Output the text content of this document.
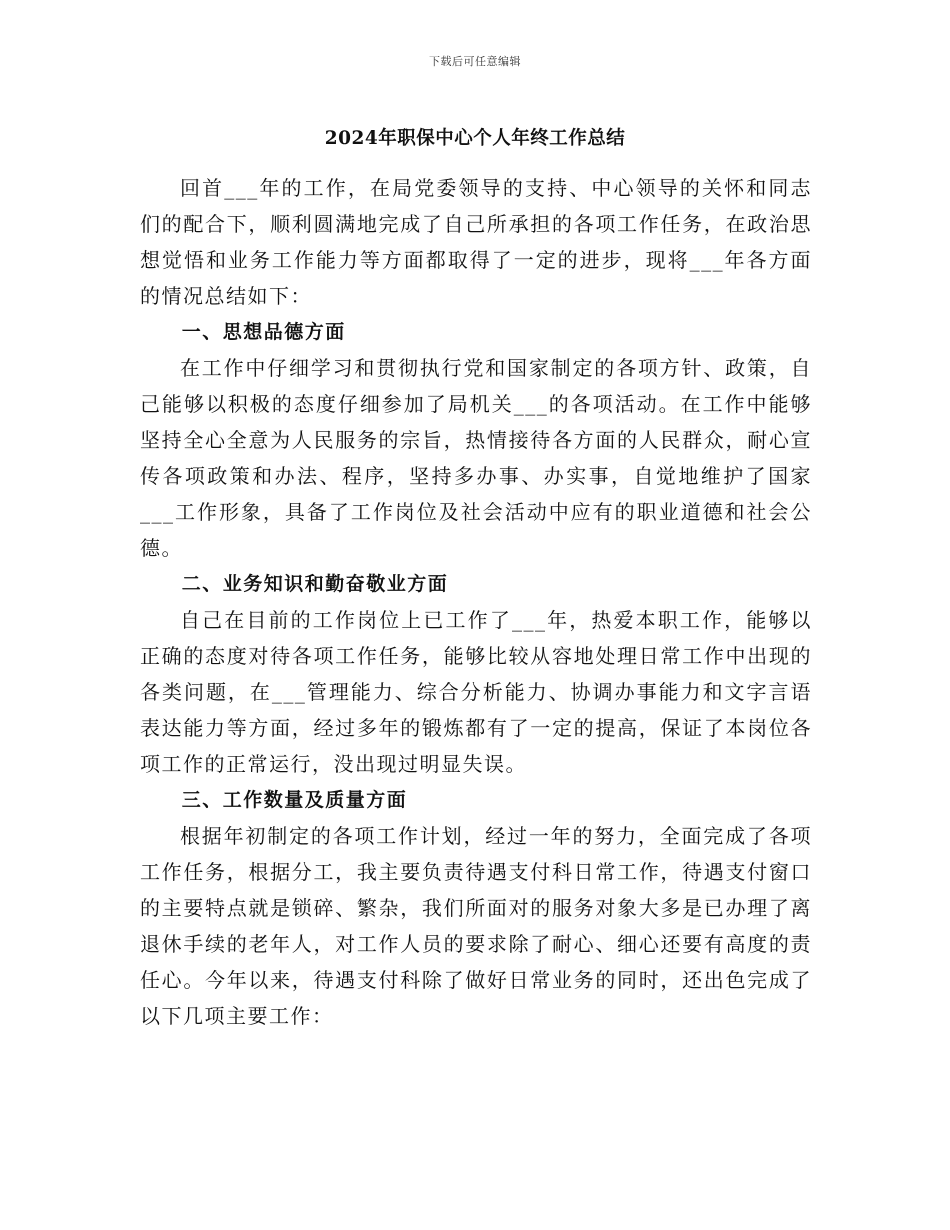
下载后可任意编辑
2024年职保中心个人年终工作总结

回首___年的工作，在局党委领导的支持、中心领导的关怀和同志们的配合下，顺利圆满地完成了自己所承担的各项工作任务，在政治思想觉悟和业务工作能力等方面都取得了一定的进步，现将___年各方面的情况总结如下：

一、思想品德方面

在工作中仔细学习和贯彻执行党和国家制定的各项方针、政策，自己能够以积极的态度仔细参加了局机关___的各项活动。在工作中能够坚持全心全意为人民服务的宗旨，热情接待各方面的人民群众，耐心宣传各项政策和办法、程序，坚持多办事、办实事，自觉地维护了国家___工作形象，具备了工作岗位及社会活动中应有的职业道德和社会公德。

二、业务知识和勤奋敬业方面

自己在目前的工作岗位上已工作了___年，热爱本职工作，能够以正确的态度对待各项工作任务，能够比较从容地处理日常工作中出现的各类问题，在___管理能力、综合分析能力、协调办事能力和文字言语表达能力等方面，经过多年的锻炼都有了一定的提高，保证了本岗位各项工作的正常运行，没出现过明显失误。

三、工作数量及质量方面

根据年初制定的各项工作计划，经过一年的努力，全面完成了各项工作任务，根据分工，我主要负责待遇支付科日常工作，待遇支付窗口的主要特点就是锁碎、繁杂，我们所面对的服务对象大多是已办理了离退休手续的老年人，对工作人员的要求除了耐心、细心还要有高度的责任心。今年以来，待遇支付科除了做好日常业务的同时，还出色完成了以下几项主要工作：
